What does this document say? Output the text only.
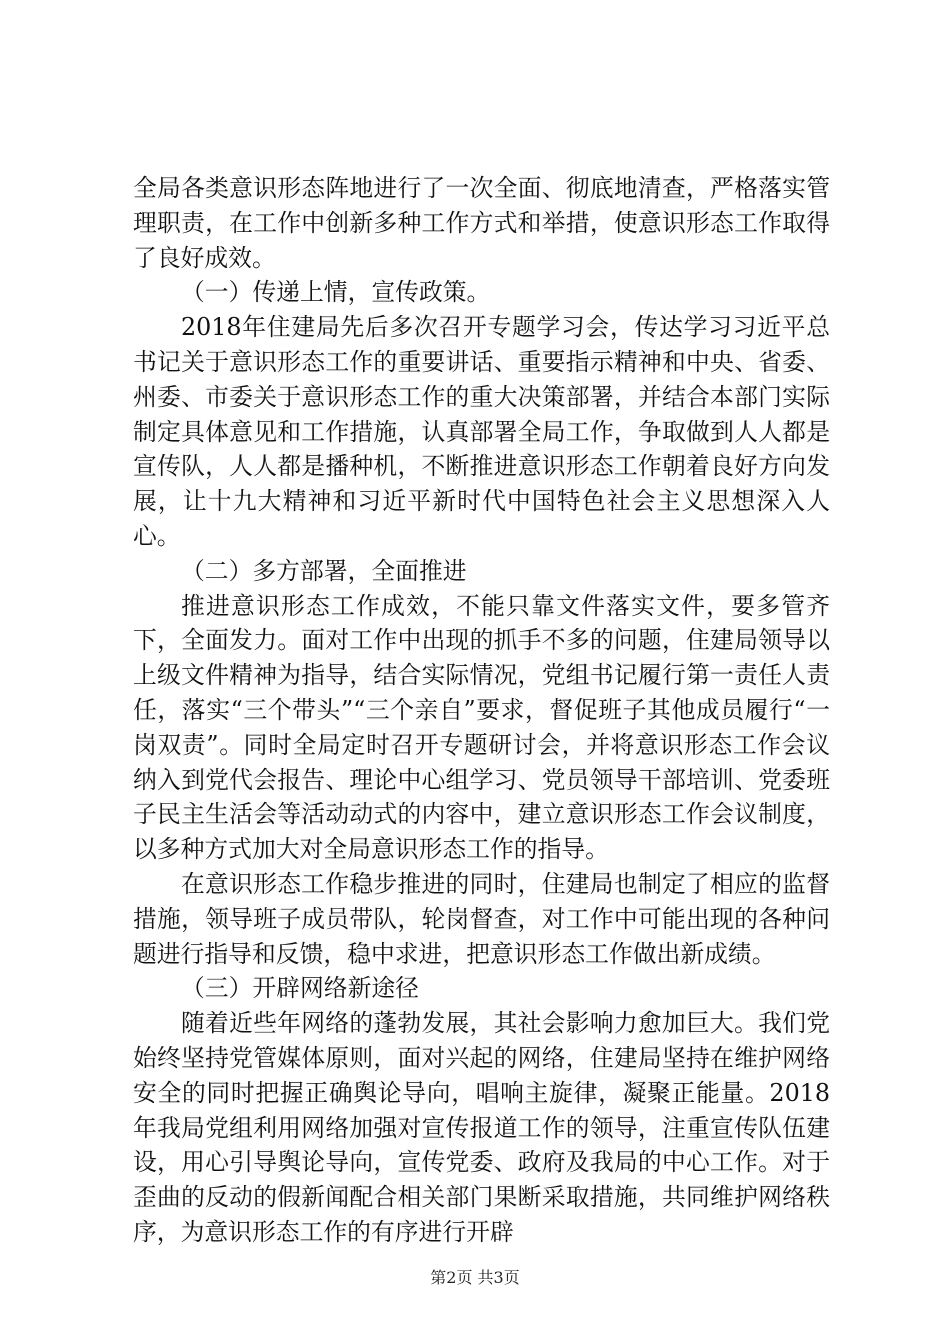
全局各类意识形态阵地进行了一次全面、彻底地清查，严格落实管理职责，在工作中创新多种工作方式和举措，使意识形态工作取得了良好成效。

（一）传递上情，宣传政策。

2018年住建局先后多次召开专题学习会，传达学习习近平总书记关于意识形态工作的重要讲话、重要指示精神和中央、省委、州委、市委关于意识形态工作的重大决策部署，并结合本部门实际制定具体意见和工作措施，认真部署全局工作，争取做到人人都是宣传队，人人都是播种机，不断推进意识形态工作朝着良好方向发展，让十九大精神和习近平新时代中国特色社会主义思想深入人心。

（二）多方部署，全面推进

推进意识形态工作成效，不能只靠文件落实文件，要多管齐下，全面发力。面对工作中出现的抓手不多的问题，住建局领导以上级文件精神为指导，结合实际情况，党组书记履行第一责任人责任，落实“三个带头”“三个亲自”要求，督促班子其他成员履行“一岗双责”。同时全局定时召开专题研讨会，并将意识形态工作会议纳入到党代会报告、理论中心组学习、党员领导干部培训、党委班子民主生活会等活动动式的内容中，建立意识形态工作会议制度，以多种方式加大对全局意识形态工作的指导。

在意识形态工作稳步推进的同时，住建局也制定了相应的监督措施，领导班子成员带队，轮岗督查，对工作中可能出现的各种问题进行指导和反馈，稳中求进，把意识形态工作做出新成绩。

（三）开辟网络新途径

随着近些年网络的蓬勃发展，其社会影响力愈加巨大。我们党始终坚持党管媒体原则，面对兴起的网络，住建局坚持在维护网络安全的同时把握正确舆论导向，唱响主旋律，凝聚正能量。2018年我局党组利用网络加强对宣传报道工作的领导，注重宣传队伍建设，用心引导舆论导向，宣传党委、政府及我局的中心工作。对于歪曲的反动的假新闻配合相关部门果断采取措施，共同维护网络秩序，为意识形态工作的有序进行开辟

第2页 共3页
